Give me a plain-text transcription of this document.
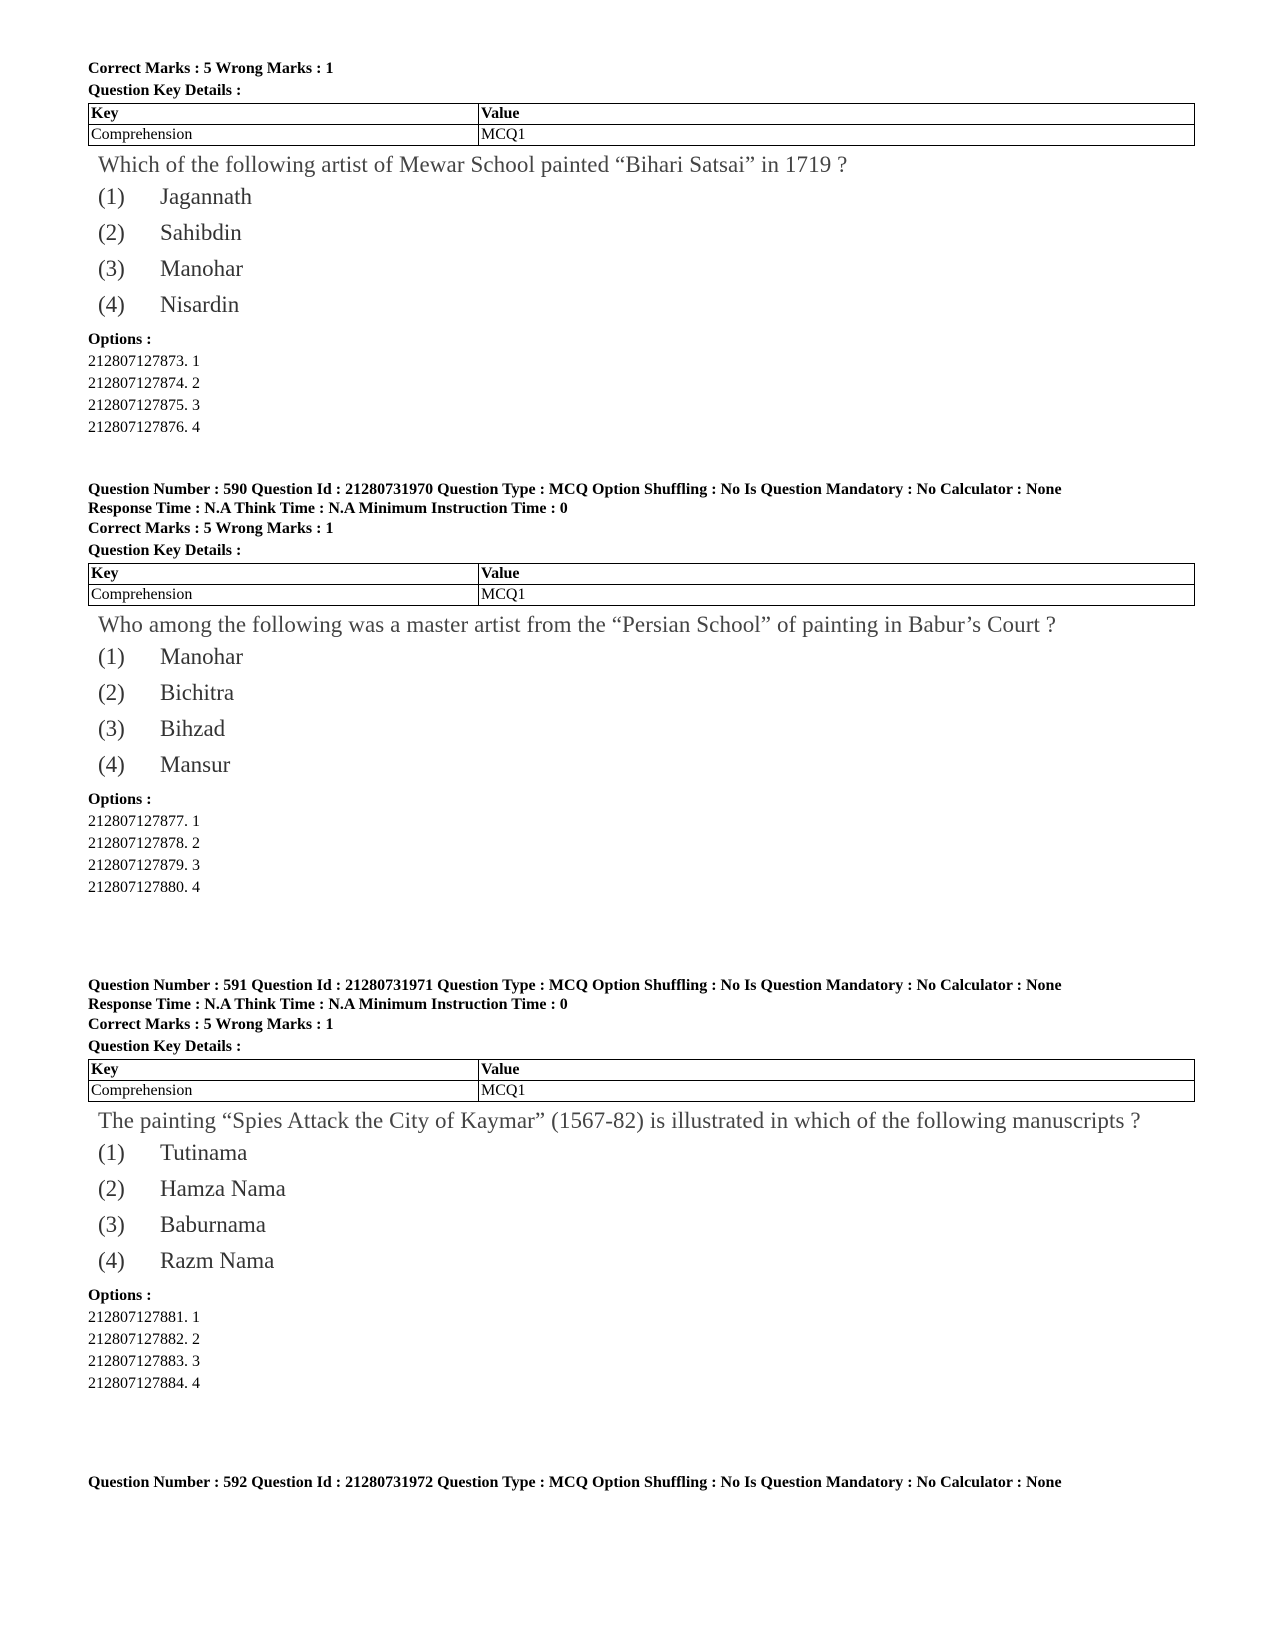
Correct Marks : 5 Wrong Marks : 1
Question Key Details :
Key	Value
Comprehension	MCQ1
Which of the following artist of Mewar School painted “Bihari Satsai” in 1719 ?
(1) Jagannath
(2) Sahibdin
(3) Manohar
(4) Nisardin
Options :
212807127873. 1
212807127874. 2
212807127875. 3
212807127876. 4
Question Number : 590 Question Id : 21280731970 Question Type : MCQ Option Shuffling : No Is Question Mandatory : No Calculator : None
Response Time : N.A Think Time : N.A Minimum Instruction Time : 0
Correct Marks : 5 Wrong Marks : 1
Question Key Details :
Key	Value
Comprehension	MCQ1
Who among the following was a master artist from the “Persian School” of painting in Babur’s Court ?
(1) Manohar
(2) Bichitra
(3) Bihzad
(4) Mansur
Options :
212807127877. 1
212807127878. 2
212807127879. 3
212807127880. 4
Question Number : 591 Question Id : 21280731971 Question Type : MCQ Option Shuffling : No Is Question Mandatory : No Calculator : None
Response Time : N.A Think Time : N.A Minimum Instruction Time : 0
Correct Marks : 5 Wrong Marks : 1
Question Key Details :
Key	Value
Comprehension	MCQ1
The painting “Spies Attack the City of Kaymar” (1567-82) is illustrated in which of the following manuscripts ?
(1) Tutinama
(2) Hamza Nama
(3) Baburnama
(4) Razm Nama
Options :
212807127881. 1
212807127882. 2
212807127883. 3
212807127884. 4
Question Number : 592 Question Id : 21280731972 Question Type : MCQ Option Shuffling : No Is Question Mandatory : No Calculator : None
